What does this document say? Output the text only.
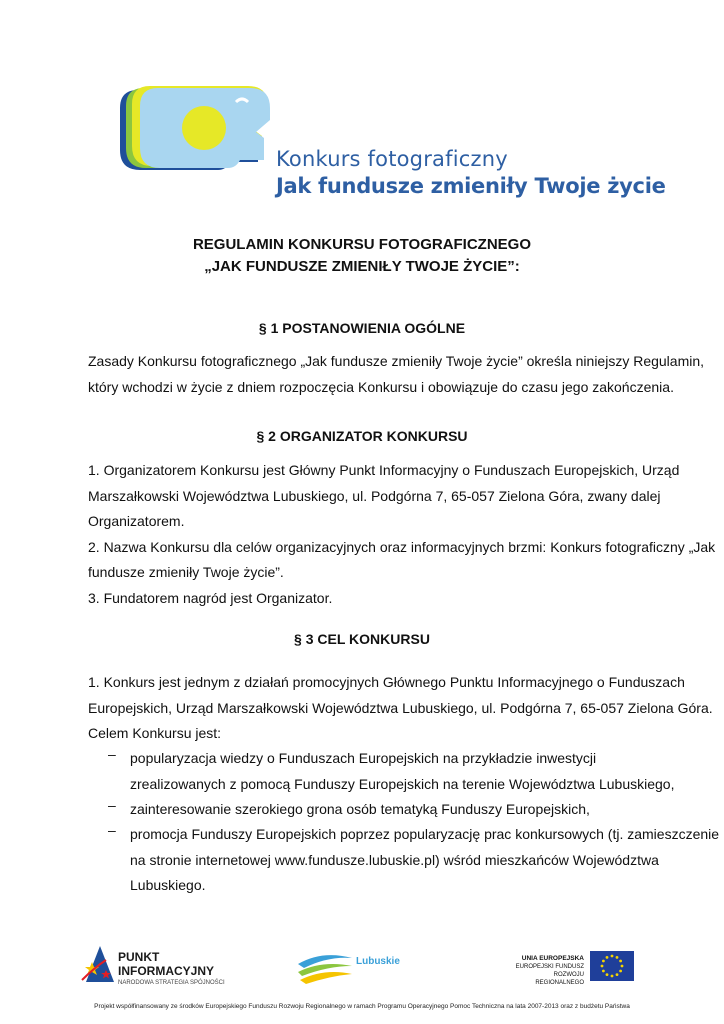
Konkurs fotograficzny
Jak fundusze zmieniły Twoje życie
REGULAMIN KONKURSU FOTOGRAFICZNEGO
„JAK FUNDUSZE ZMIENIŁY TWOJE ŻYCIE”:
§ 1 POSTANOWIENIA OGÓLNE
Zasady Konkursu fotograficznego „Jak fundusze zmieniły Twoje życie” określa niniejszy Regulamin,
który wchodzi w życie z dniem rozpoczęcia Konkursu i obowiązuje do czasu jego zakończenia.
§ 2 ORGANIZATOR KONKURSU
1. Organizatorem Konkursu jest Główny Punkt Informacyjny o Funduszach Europejskich, Urząd
Marszałkowski Województwa Lubuskiego, ul. Podgórna 7, 65-057 Zielona Góra, zwany dalej
Organizatorem.
2. Nazwa Konkursu dla celów organizacyjnych oraz informacyjnych brzmi: Konkurs fotograficzny „Jak
fundusze zmieniły Twoje życie”.
3. Fundatorem nagród jest Organizator.
§ 3 CEL KONKURSU
1. Konkurs jest jednym z działań promocyjnych Głównego Punktu Informacyjnego o Funduszach
Europejskich, Urząd Marszałkowski Województwa Lubuskiego, ul. Podgórna 7, 65-057 Zielona Góra.
Celem Konkursu jest:
– popularyzacja wiedzy o Funduszach Europejskich na przykładzie inwestycji
zrealizowanych z pomocą Funduszy Europejskich na terenie Województwa Lubuskiego,
– zainteresowanie szerokiego grona osób tematyką Funduszy Europejskich,
– promocja Funduszy Europejskich poprzez popularyzację prac konkursowych (tj. zamieszczenie
na stronie internetowej www.fundusze.lubuskie.pl) wśród mieszkańców Województwa
Lubuskiego.
PUNKT
INFORMACYJNY
NARODOWA STRATEGIA SPÓJNOŚCI
Lubuskie	UNIA EUROPEJSKA
EUROPEJSKI FUNDUSZ
ROZWOJU REGIONALNEGO
Projekt współfinansowany ze środków Europejskiego Funduszu Rozwoju Regionalnego w ramach Programu Operacyjnego Pomoc Techniczna na lata 2007-2013 oraz z budżetu Państwa
